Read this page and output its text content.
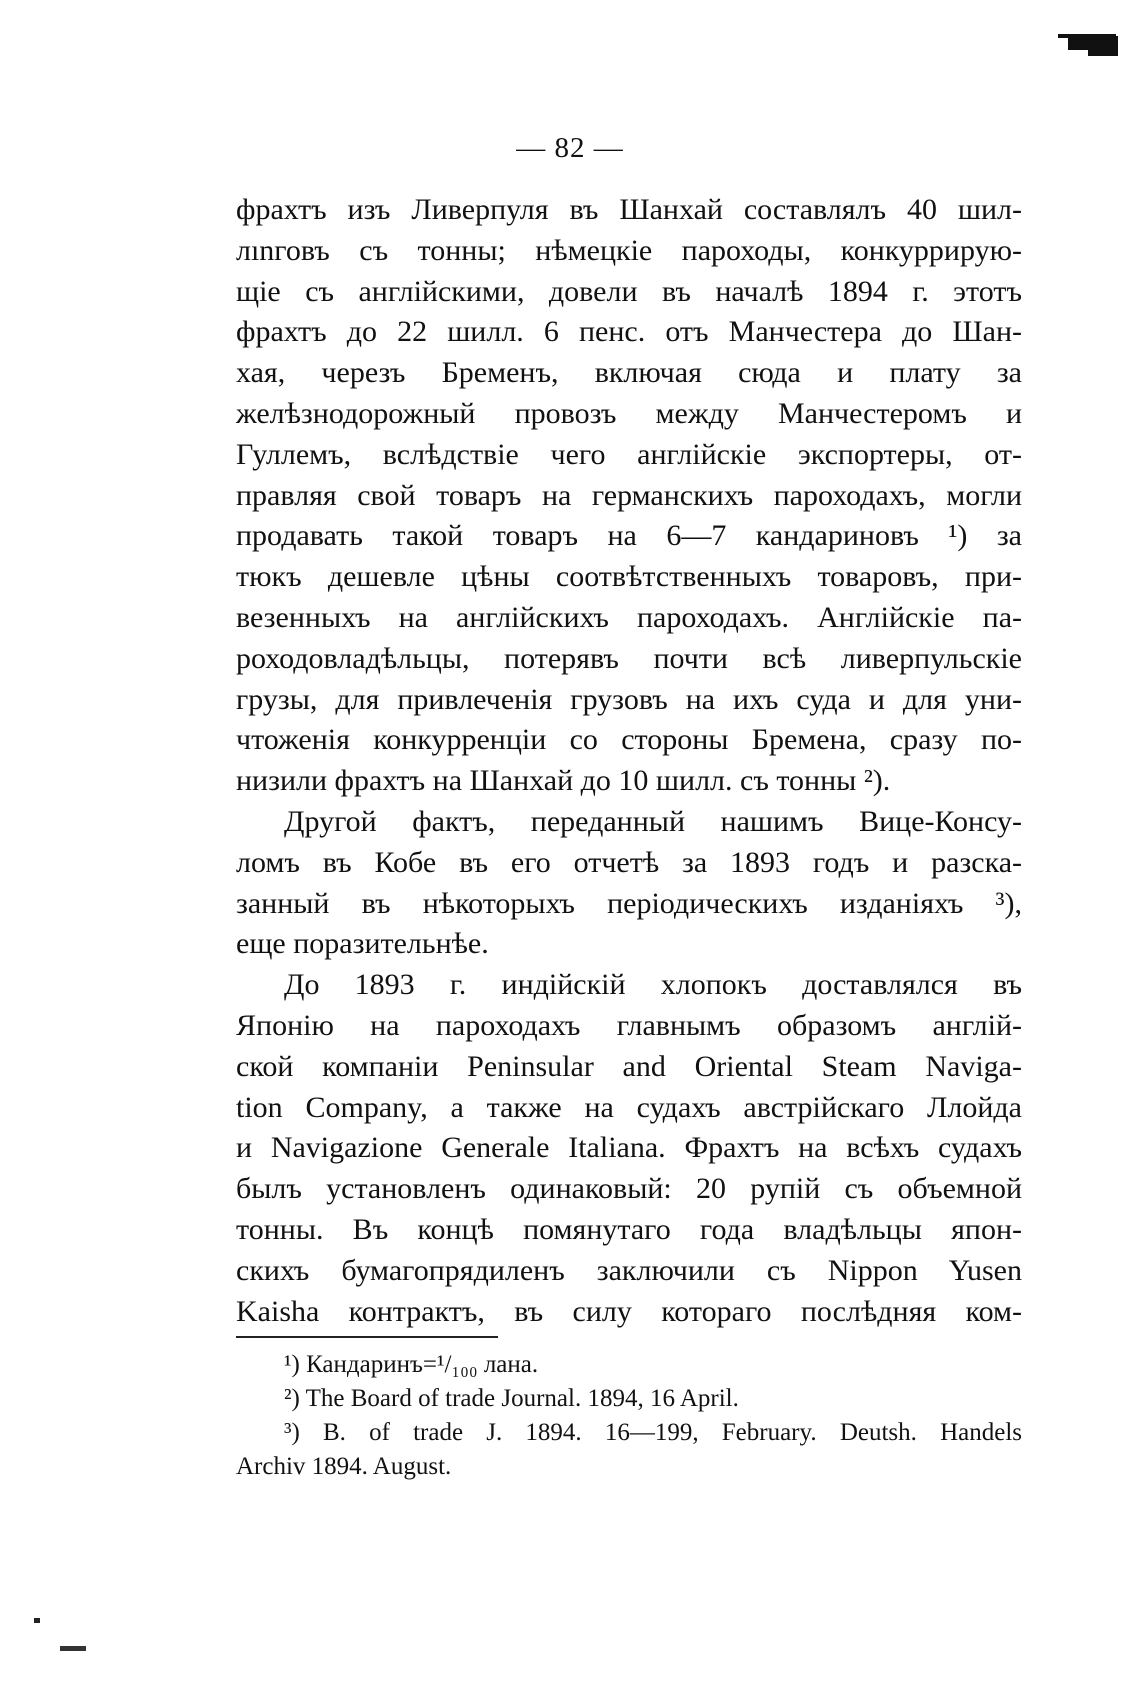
— 82 —
фрахтъ изъ Ливерпуля въ Шанхай составлялъ 40 шил-
лınговъ съ тонны; нѣмецкіе пароходы, конкуррирую-
щіе съ англійскими, довели въ началѣ 1894 г. этотъ
фрахтъ до 22 шилл. 6 пенс. отъ Манчестера до Шан-
хая, черезъ Бременъ, включая сюда и плату за
желѣзнодорожный провозъ между Манчестеромъ и
Гуллемъ, вслѣдствіе чего англійскіе экспортеры, от-
правляя свой товаръ на германскихъ пароходахъ, могли
продавать такой товаръ на 6—7 кандариновъ ¹) за
тюкъ дешевле цѣны соотвѣтственныхъ товаровъ, при-
везенныхъ на англійскихъ пароходахъ. Англійскіе па-
роходовладѣльцы, потерявъ почти всѣ ливерпульскіе
грузы, для привлеченія грузовъ на ихъ суда и для уни-
чтоженія конкурренціи со стороны Бремена, сразу по-
низили фрахтъ на Шанхай до 10 шилл. съ тонны ²).
Другой фактъ, переданный нашимъ Вице-Консу-
ломъ въ Кобе въ его отчетѣ за 1893 годъ и разска-
занный въ нѣкоторыхъ періодическихъ изданіяхъ ³),
еще поразительнѣе.
До 1893 г. индійскій хлопокъ доставлялся въ
Японію на пароходахъ главнымъ образомъ англій-
ской компаніи Peninsular and Oriental Steam Naviga-
tion Company, а также на судахъ австрійскаго Ллойда
и Navigazione Generale Italiana. Фрахтъ на всѣхъ судахъ
былъ установленъ одинаковый: 20 рупій съ объемной
тонны. Въ концѣ помянутаго года владѣльцы япон-
скихъ бумагопрядиленъ заключили съ Nippon Yusen
Kaisha контрактъ, въ силу котораго послѣдняя ком-
¹) Кандаринъ=¹/₁₀₀ лана.
²) The Board of trade Journal. 1894, 16 April.
³) B. of trade J. 1894. 16—199, February. Deutsh. Handels
Archiv 1894. August.
